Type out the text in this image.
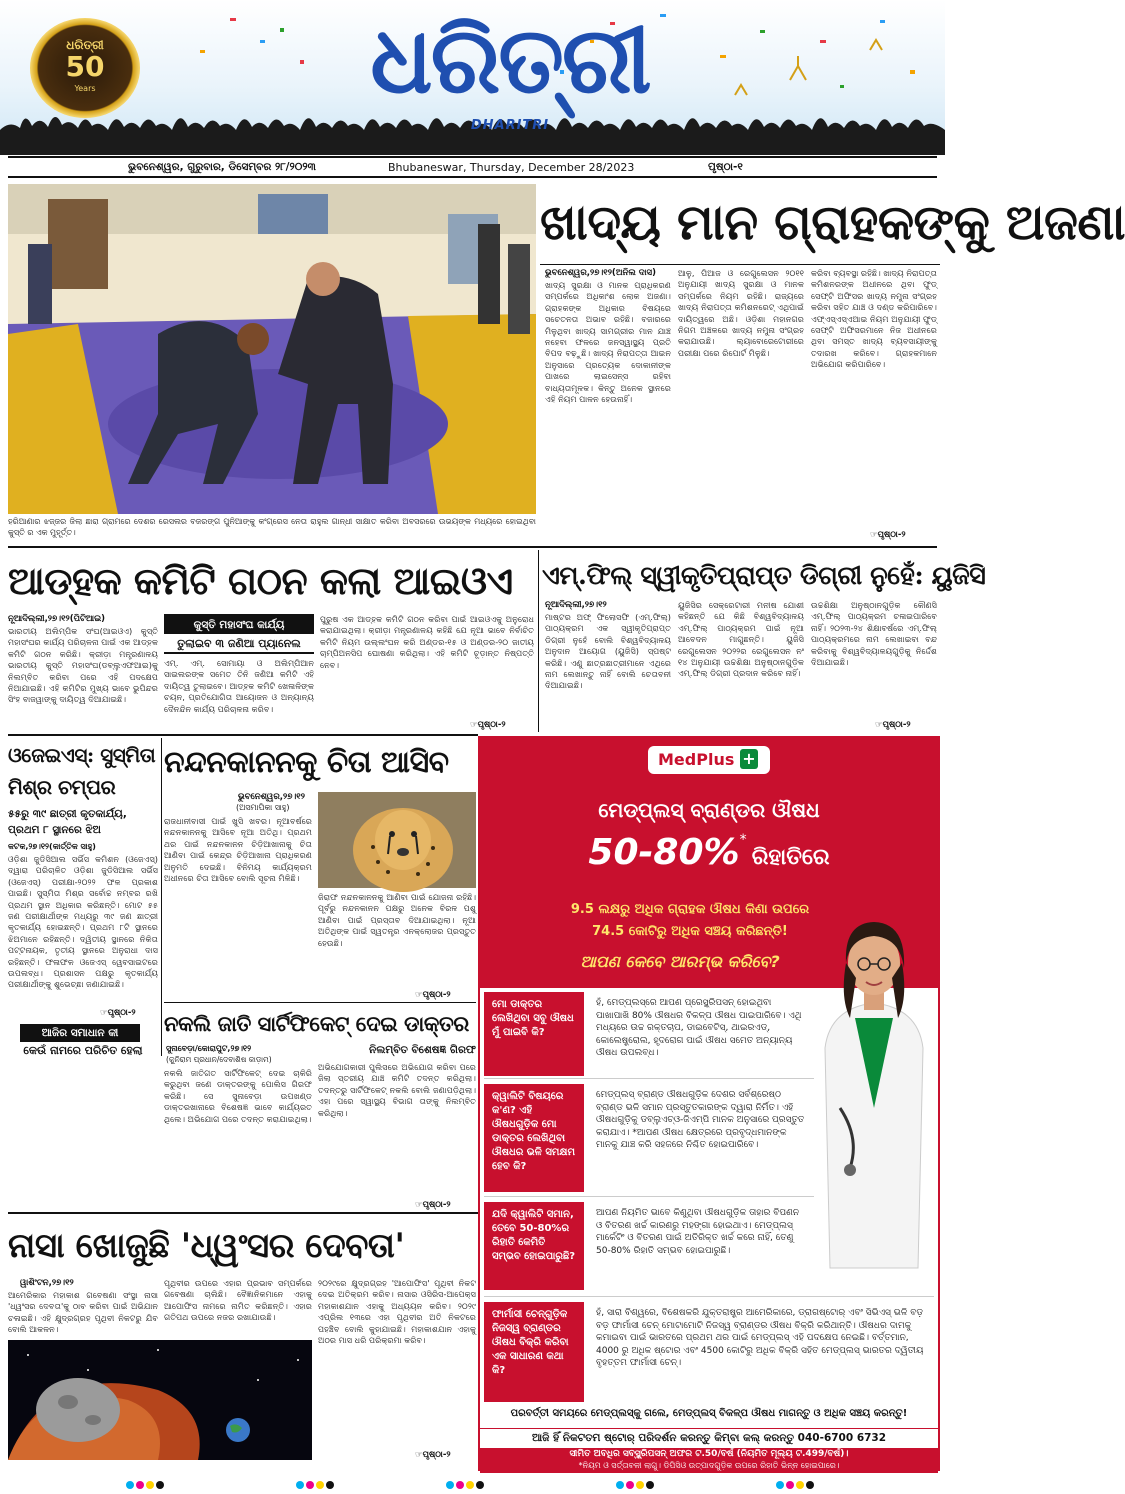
ଧରିତ୍ରୀ
50
Years	ଧରିତ୍ରୀ
DHARITRI
ଭୁବନେଶ୍ୱର, ଗୁରୁବାର, ଡିସେମ୍ବର ୨୮/୨୦୨୩	Bhubaneswar, Thursday, December 28/2023	ପୃଷ୍ଠା-୧
ହରିଆଣାର ଝଜ୍ଜର ଜିଲା ଛାରା ଗ୍ରାମରେ ଦେଶର ରେସଲର ବଜରଙ୍ଗ ପୁନିଆଙ୍କୁ କଂଗ୍ରେସ ନେତା ରାହୁଲ ଗାନ୍ଧୀ ସାକ୍ଷାତ କରିବା ଅବସରରେ ଉଭୟଙ୍କ ମଧ୍ୟରେ ହୋଇଥିବା କୁସ୍ତି ର ଏକ ମୁହୂର୍ତ୍ତ।
ଖାଦ୍ୟ ମାନ ଗ୍ରାହକଙ୍କୁ ଅଜଣା
ଭୁବନେଶ୍ୱର,୨୭।୧୨(ଅନିଲ ଦାସ)
ଖାଦ୍ୟ ସୁରକ୍ଷା ଓ ମାନକ ପ୍ରାଧିକରଣ ସମ୍ପର୍କରେ ଅଧିକାଂଶ ଲୋକ ଅଜଣା। ଗ୍ରାହକଙ୍କ ଅଧିକାର ବିଷୟରେ ସଚେତନତା ଅଭାବ ରହିଛି। ବଜାରରେ ମିଳୁଥିବା ଖାଦ୍ୟ ସାମଗ୍ରୀର ମାନ ଯାଞ୍ଚ ନହେବା ଫଳରେ ଜନସ୍ୱାସ୍ଥ୍ୟ ପ୍ରତି ବିପଦ ବଢ଼ୁଛି। ଖାଦ୍ୟ ନିରାପତ୍ତା ଆଇନ ଅନୁସାରେ ପ୍ରତ୍ୟେକ ଦୋକାନୀଙ୍କ ପାଖରେ ଲାଇସେନ୍ସ ରହିବା ବାଧ୍ୟତାମୂଳକ। କିନ୍ତୁ ଅନେକ ସ୍ଥାନରେ ଏହି ନିୟମ ପାଳନ ହେଉନାହିଁ।
ଆଳୁ, ପିଆଜ ଓ ରେଗୁଲେସନ ୨୦୧୧ ଅନୁଯାୟୀ ଖାଦ୍ୟ ସୁରକ୍ଷା ଓ ମାନକ ସମ୍ପର୍କରେ ନିୟମ ରହିଛି। ରାଜ୍ୟରେ ଖାଦ୍ୟ ନିରାପତ୍ତା କମିଶନରେଟ୍ ଏଥିପାଇଁ ଦାୟିତ୍ୱରେ ଅଛି। ଓଡ଼ିଶା ମହାନଗର ନିଗମ ଅଞ୍ଚଳରେ ଖାଦ୍ୟ ନମୁନା ସଂଗ୍ରହ କରାଯାଉଛି। ଲ୍ୟାବୋରେଟୋରୀରେ ପରୀକ୍ଷା ପରେ ରିପୋର୍ଟ ମିଳୁଛି।
କରିବା ବ୍ୟବସ୍ଥା ରହିଛି। ଖାଦ୍ୟ ନିରାପତ୍ତା କମିଶନରଙ୍କ ଅଧୀନରେ ଥିବା ଫୁଡ୍ ସେଫ୍ଟି ଅଫିସର ଖାଦ୍ୟ ନମୁନା ସଂଗ୍ରହ କରିବା ସହିତ ଯାଞ୍ଚ ଓ ଦଣ୍ଡ କରିପାରିବେ। ଏଫ୍ଏସ୍ଏସ୍ଏଆଇ ନିୟମ ଅନୁଯାୟୀ ଫୁଡ୍ ସେଫ୍ଟି ଅଫିସରମାନେ ନିଜ ଅଧୀନରେ ଥିବା ସମସ୍ତ ଖାଦ୍ୟ ବ୍ୟବସାୟୀଙ୍କୁ ତଦାରଖ କରିବେ। ଗ୍ରାହକମାନେ ଅଭିଯୋଗ କରିପାରିବେ।
☞ପୃଷ୍ଠା-୨
ଆଡ୍‌ହକ କମିଟି ଗଠନ କଲା ଆଇଓଏ
ନୂଆଦିଲ୍ଲୀ,୨୭।୧୨(ପିଟିଆଇ)
ଭାରତୀୟ ଅଲିମ୍ପିକ ସଂଘ(ଆଇଓଏ) କୁସ୍ତି ମହାସଂଘର କାର୍ଯ୍ୟ ପରିଚାଳନା ପାଇଁ ଏକ ଆଡ୍‌ହକ କମିଟି ଗଠନ କରିଛି। କ୍ରୀଡ଼ା ମନ୍ତ୍ରଣାଳୟ ଭାରତୀୟ କୁସ୍ତି ମହାସଂଘ(ଡବ୍ଲୁଏଫଆଇ)କୁ ନିଲମ୍ବିତ କରିବା ପରେ ଏହି ପଦକ୍ଷେପ ନିଆଯାଇଛି। ଏହି କମିଟିର ମୁଖ୍ୟ ଭାବେ ଭୁପିନ୍ଦର ସିଂହ ବାଜୱାଙ୍କୁ ଦାୟିତ୍ୱ ଦିଆଯାଇଛି।
କୁସ୍ତି ମହାସଂଘ କାର୍ଯ୍ୟ
ତୁଲାଇବ ୩ ଜଣିଆ ପ୍ୟାନେଲ
ଏମ୍. ଏମ୍. ସୋମାୟା ଓ ଅଲିମ୍ପିଆନ ସାଇଲରଙ୍କ ସମେତ ତିନି ଜଣିଆ କମିଟି ଏହି ଦାୟିତ୍ୱ ତୁଲାଇବେ। ଆଡ୍‌ହକ କମିଟି ଖେଳାଳିଙ୍କ ଚୟନ, ପ୍ରତିଯୋଗିତା ଆୟୋଜନ ଓ ଅନ୍ୟାନ୍ୟ ଦୈନନ୍ଦିନ କାର୍ଯ୍ୟ ପରିଚାଳନା କରିବ।
ପୁରୁଷ ଏକ ଆଡ୍‌ହକ କମିଟି ଗଠନ କରିବା ପାଇଁ ଆଇଓଏକୁ ଅନୁରୋଧ କରାଯାଇଥିଲା। କ୍ରୀଡ଼ା ମନ୍ତ୍ରଣାଳୟ କହିଛି ଯେ ନୂଆ ଭାବେ ନିର୍ବାଚିତ କମିଟି ନିୟମ ଉଲ୍ଲଂଘନ କରି ଅଣ୍ଡର-୧୫ ଓ ଅଣ୍ଡର-୨୦ ଜାତୀୟ ଚାମ୍ପିଅନସିପ ଘୋଷଣା କରିଥିଲା। ଏହି କମିଟି ଚୂଡ଼ାନ୍ତ ନିଷ୍ପତ୍ତି ନେବ।
☞ପୃଷ୍ଠା-୨
ଏମ୍.ଫିଲ୍ ସ୍ୱୀକୃତିପ୍ରାପ୍ତ ଡିଗ୍ରୀ ନୁହେଁ: ୟୁଜିସି
ନୂଆଦିଲ୍ଲୀ,୨୭।୧୨
ମାଷ୍ଟର ଅଫ୍ ଫିଲୋସଫି (ଏମ୍.ଫିଲ୍) ପାଠ୍ୟକ୍ରମ ଏକ ସ୍ୱୀକୃତିପ୍ରାପ୍ତ ଡିଗ୍ରୀ ନୁହେଁ ବୋଲି ବିଶ୍ୱବିଦ୍ୟାଳୟ ଅନୁଦାନ ଆୟୋଗ (ୟୁଜିସି) ସ୍ପଷ୍ଟ କରିଛି। ଏଣୁ ଛାତ୍ରଛାତ୍ରୀମାନେ ଏଥିରେ ନାମ ଲେଖାନ୍ତୁ ନାହିଁ ବୋଲି ଚେତାବନୀ ଦିଆଯାଇଛି।
ୟୁଜିସିର ସେକ୍ରେଟାରୀ ମନୀଷ ଯୋଶୀ କହିଛନ୍ତି ଯେ କିଛି ବିଶ୍ୱବିଦ୍ୟାଳୟ ଏମ୍.ଫିଲ୍ ପାଠ୍ୟକ୍ରମ ପାଇଁ ନୂଆ ଆବେଦନ ମାଗୁଛନ୍ତି। ୟୁଜିସି ରେଗୁଲେସନ ୨୦୨୨ର ରେଗୁଲେସନ ନଂ ୧୪ ଅନୁଯାୟୀ ଉଚ୍ଚଶିକ୍ଷା ଅନୁଷ୍ଠାନଗୁଡ଼ିକ ଏମ୍.ଫିଲ୍ ଡିଗ୍ରୀ ପ୍ରଦାନ କରିବେ ନାହିଁ।
ଉଚ୍ଚଶିକ୍ଷା ଅନୁଷ୍ଠାନଗୁଡ଼ିକ କୌଣସି ଏମ୍.ଫିଲ୍ ପାଠ୍ୟକ୍ରମ ଚଳାଇପାରିବେ ନାହିଁ। ୨୦୨୩-୨୪ ଶିକ୍ଷାବର୍ଷରେ ଏମ୍.ଫିଲ୍ ପାଠ୍ୟକ୍ରମରେ ନାମ ଲେଖାଇବା ବନ୍ଦ କରିବାକୁ ବିଶ୍ୱବିଦ୍ୟାଳୟଗୁଡ଼ିକୁ ନିର୍ଦ୍ଦେଶ ଦିଆଯାଇଛି।
☞ପୃଷ୍ଠା-୨
ଓଜେଇଏସ୍: ସୁସ୍ମିତା
ମିଶ୍ର ଚମ୍ପର
୫୫ରୁ ୩୯ ଛାତ୍ରୀ କୃତକାର୍ଯ୍ୟ,
ପ୍ରଥମ ୮ ସ୍ଥାନରେ ଝିଅ
କଟକ,୨୭।୧୨(କାର୍ତ୍ତିକ ସାହୁ)
ଓଡ଼ିଶା ଜୁଡିସିଆଲ ସର୍ଭିସ କମିଶନ (ଓଜେଏସ୍) ଦ୍ୱାରା ପରିଚାଳିତ ଓଡ଼ିଶା ଜୁଡିସିଆଲ ସର୍ଭିସ (ଓଜେଏସ୍) ପରୀକ୍ଷା-୨୦୨୨ ଫଳ ପ୍ରକାଶ ପାଇଛି। ସୁସ୍ମିତା ମିଶ୍ର ସର୍ବୋଚ୍ଚ ନମ୍ବର ରଖି ପ୍ରଥମ ସ୍ଥାନ ଅଧିକାର କରିଛନ୍ତି। ମୋଟ ୫୫ ଜଣ ପରୀକ୍ଷାର୍ଥୀଙ୍କ ମଧ୍ୟରୁ ୩୯ ଜଣ ଛାତ୍ରୀ କୃତକାର୍ଯ୍ୟ ହୋଇଛନ୍ତି। ପ୍ରଥମ ୮ଟି ସ୍ଥାନରେ ଝିଅମାନେ ରହିଛନ୍ତି। ଦ୍ୱିତୀୟ ସ୍ଥାନରେ ନିକିତା ପଟ୍ଟନାୟକ, ତୃତୀୟ ସ୍ଥାନରେ ଅନୁରାଧା ଦାସ ରହିଛନ୍ତି। ଫଳାଫଳ ଓଜେଏସ୍ ୱେବସାଇଟରେ ଉପଲବ୍ଧ। ପ୍ରଶାସନ ପକ୍ଷରୁ କୃତକାର୍ଯ୍ୟ ପରୀକ୍ଷାର୍ଥୀଙ୍କୁ ଶୁଭେଚ୍ଛା ଜଣାଯାଇଛି।
☞ପୃଷ୍ଠା-୨
ଆଜିର ସମାଧାନ କୀ
କେଉଁ ନାମରେ ପରିଚିତ ହେଲା
ନନ୍ଦନକାନନକୁ ଚିତା ଆସିବ
ଭୁବନେଶ୍ୱର,୨୭।୧୨
(ଅସମାପିକା ସାହୁ)
ରାଜଧାନୀବାସୀ ପାଇଁ ଖୁସି ଖବର। ନୂଆବର୍ଷରେ ନନ୍ଦନକାନନକୁ ଆସିବେ ନୂଆ ଅତିଥି। ପ୍ରଥମ ଥର ପାଇଁ ନନ୍ଦନକାନନ ଚିଡ଼ିଆଖାନାକୁ ଚିତା ଆଣିବା ପାଇଁ କେନ୍ଦ୍ର ଚିଡ଼ିଆଖାନା ପ୍ରାଧିକରଣ ଅନୁମତି ଦେଇଛି। ବିନିମୟ କାର୍ଯ୍ୟକ୍ରମ ଅଧୀନରେ ଚିତା ଆସିବେ ବୋଲି ସୂଚନା ମିଳିଛି।
ଜିରାଫ ନନ୍ଦନକାନନକୁ ଆଣିବା ପାଇଁ ଯୋଜନା ରହିଛି। ପୂର୍ବରୁ ନନ୍ଦନକାନନ ପକ୍ଷରୁ ଅନେକ ବିରଳ ପଶୁ ଆଣିବା ପାଇଁ ପ୍ରସ୍ତାବ ଦିଆଯାଇଥିଲା। ନୂଆ ଅତିଥିଙ୍କ ପାଇଁ ସ୍ୱତନ୍ତ୍ର ଏନକ୍ଲୋଜର ପ୍ରସ୍ତୁତ ହେଉଛି।
☞ପୃଷ୍ଠା-୨
ନକଲି ଜାତି ସାର୍ଟିଫିକେଟ୍ ଦେଇ ଡାକ୍ତର
ସୁନାବେଡ଼ା/କୋରାପୁଟ,୨୭।୧୨
(କୁନିରାମ ପ୍ରଧାନ/ଦେବାଶିଷ କାଡ଼ାମ)
ନିଲମ୍ବିତ ବିଶେଷଜ୍ଞ ଗିରଫ
ନକଲି ଜାତିଗତ ସାର୍ଟିଫିକେଟ୍ ଦେଇ ଚାକିରି କରୁଥିବା ଜଣେ ଡାକ୍ତରଙ୍କୁ ପୋଲିସ ଗିରଫ କରିଛି। ସେ ସୁନାବେଡ଼ା ଉପଖଣ୍ଡ ଡାକ୍ତରଖାନାରେ ବିଶେଷଜ୍ଞ ଭାବେ କାର୍ଯ୍ୟରତ ଥିଲେ। ଅଭିଯୋଗ ପରେ ତଦନ୍ତ କରାଯାଇଥିଲା।
ଅଭିଯୋଗକାରୀ ପୁଲିସରେ ଅଭିଯୋଗ କରିବା ପରେ ଜିଲା ସ୍ତରୀୟ ଯାଞ୍ଚ କମିଟି ତଦନ୍ତ କରିଥିଲା। ତଦନ୍ତରୁ ସାର୍ଟିଫିକେଟ୍ ନକଲି ବୋଲି ଜଣାପଡ଼ିଥିଲା। ଏହା ପରେ ସ୍ୱାସ୍ଥ୍ୟ ବିଭାଗ ତାଙ୍କୁ ନିଲମ୍ବିତ କରିଥିଲା।
☞ପୃଷ୍ଠା-୨
ନାସା ଖୋଜୁଛି 'ଧ୍ୱଂସର ଦେବତା'
ୱାଶିଂଟନ,୨୭।୧୨
ଆମେରିକାର ମହାକାଶ ଗବେଷଣା ସଂସ୍ଥା ନାସା 'ଧ୍ୱଂସର ଦେବତା'କୁ ଠାବ କରିବା ପାଇଁ ଅଭିଯାନ ଚଳାଇଛି। ଏହି କ୍ଷୁଦ୍ରଗ୍ରହ ପୃଥିବୀ ନିକଟରୁ ଯିବ ବୋଲି ଆକଳନ।
ପୃଥିବୀର ଉପରେ ଏହାର ପ୍ରଭାବ ସମ୍ପର୍କରେ ଗବେଷଣା ଚାଲିଛି। ବୈଜ୍ଞାନିକମାନେ ଏହାକୁ ଆପୋଫିସ ନାମରେ ନାମିତ କରିଛନ୍ତି। ଏହାର ଗତିପଥ ଉପରେ ନଜର ରଖାଯାଉଛି।
୨୦୨୯ରେ କ୍ଷୁଦ୍ରଗ୍ରହ 'ଆପୋଫିସ' ପୃଥିବୀ ନିକଟ ଦେଇ ଅତିକ୍ରମ କରିବ। ନାସାର ଓସିରିସ-ଆପେକ୍ସ ମହାକାଶଯାନ ଏହାକୁ ଅଧ୍ୟୟନ କରିବ। ୨୦୨୯ ଏପ୍ରିଲ ୧୩ରେ ଏହା ପୃଥିବୀର ଅତି ନିକଟରେ ପହଞ୍ଚିବ ବୋଲି କୁହାଯାଇଛି। ମହାକାଶଯାନ ଏହାକୁ ଅଠର ମାସ ଧରି ପରିକ୍ରମା କରିବ।
☞ପୃଷ୍ଠା-୨
MedPlus +
ମେଡ୍‌ପ୍ଲସ୍ ବ୍ରାଣ୍ଡର ଔଷଧ
50-80%* ରିହାତିରେ
9.5 ଲକ୍ଷରୁ ଅଧିକ ଗ୍ରାହକ ଔଷଧ କିଣା ଉପରେ
74.5 କୋଟିରୁ ଅଧିକ ସଞ୍ଚୟ କରିଛନ୍ତି!
ଆପଣ କେବେ ଆରମ୍ଭ କରିବେ?
ମୋ ଡାକ୍ତର ଲେଖିଥିବା ସବୁ ଔଷଧ ମୁଁ ପାଇବି କି?
ହଁ, ମେଡ୍‌ପ୍ଲସ୍‌ରେ ଆପଣ ପ୍ରେସ୍କ୍ରିପସନ୍ ହୋଇଥିବା ପାଖାପାଖି 80% ଔଷଧର ବିକଳ୍ପ ଔଷଧ ପାଇପାରିବେ। ଏଥି ମଧ୍ୟରେ ଉଚ୍ଚ ରକ୍ତଚାପ, ଡାଇବେଟିସ୍, ଥାଇରଏଡ୍, କୋଲେଷ୍ଟ୍ରୋଲ, ହୃଦରୋଗ ପାଇଁ ଔଷଧ ସମେତ ଅନ୍ୟାନ୍ୟ ଔଷଧ ଉପଲବ୍ଧ।
କ୍ୱାଲିଟି ବିଷୟରେ କ'ଣ? ଏହି ଔଷଧଗୁଡ଼ିକ ମୋ ଡାକ୍ତର ଲେଖିଥିବା ଔଷଧର ଭଳି ସମକ୍ଷମ ହେବ କି?
ମେଡ୍‌ପ୍ଲସ୍ ବ୍ରାଣ୍ଡ ଔଷଧଗୁଡ଼ିକ ଦେଶର ସର୍ବଶ୍ରେଷ୍ଠ ବ୍ରାଣ୍ଡ ଭଳି ସମାନ ପ୍ରସ୍ତୁତକାରଙ୍କ ଦ୍ୱାରା ନିର୍ମିତ। ଏହି ଔଷଧଗୁଡ଼ିକୁ ଡବ୍ଲୁଏଚ୍‌ଓ-ଜିଏମ୍‌ପି ମାନକ ଅନୁସାରେ ପ୍ରସ୍ତୁତ କରାଯାଏ। *ଆପଣ ଔଷଧ କ୍ଷେତ୍ରରେ ପ୍ରବୃଦ୍ଧମାନଙ୍କ ମାନକୁ ଯାଞ୍ଚ କରି ସହଜରେ ନିଶ୍ଚିତ ହୋଇପାରିବେ।
ଯଦି କ୍ୱାଲିଟି ସମାନ, ତେବେ 50-80%ର ରିହାତି କେମିତି ସମ୍ଭବ ହୋଇପାରୁଛି?
ଆପଣ ନିୟମିତ ଭାବେ କିଣୁଥିବା ଔଷଧଗୁଡ଼ିକ ତାହାର ବିପଣନ ଓ ବିତରଣ ଖର୍ଚ୍ଚ କାରଣରୁ ମହଙ୍ଗା ହୋଇଥାଏ। ମେଡ୍‌ପ୍ଲସ୍ ମାର୍କେଟିଂ ଓ ବିତରଣ ପାଇଁ ଅତିରିକ୍ତ ଖର୍ଚ୍ଚ କରେ ନାହିଁ, ତେଣୁ 50-80% ରିହାତି ସମ୍ଭବ ହୋଇପାରୁଛି।
ଫାର୍ମାସୀ ଚେନ୍‌ଗୁଡ଼ିକ ନିଜସ୍ୱ ବ୍ରାଣ୍ଡର ଔଷଧ ବିକ୍ରି କରିବା ଏକ ସାଧାରଣ କଥା କି?
ହଁ, ସାରା ବିଶ୍ୱରେ, ବିଶେଷକରି ଯୁକ୍ତରାଷ୍ଟ୍ର ଆମେରିକାରେ, ଡ୍ରାଗଷ୍ଟୋର୍ ଏବଂ ସିଭିଏସ୍ ଭଳି ବଡ଼ ବଡ଼ ଫାର୍ମାସୀ ଚେନ୍ ମୋଟାମୋଟି ନିଜସ୍ୱ ବ୍ରାଣ୍ଡର ଔଷଧ ବିକ୍ରି କରିଥାନ୍ତି। ଔଷଧର ଦାମକୁ କମାଇବା ପାଇଁ ଭାରତରେ ପ୍ରଥମ ଥର ପାଇଁ ମେଡ୍‌ପ୍ଲସ୍ ଏହି ପଦକ୍ଷେପ ନେଇଛି। ବର୍ତ୍ତମାନ, 4000 ରୁ ଅଧିକ ଷ୍ଟୋର ଏବଂ 4500 କୋଟିରୁ ଅଧିକ ବିକ୍ରି ସହିତ ମେଡ୍‌ପ୍ଲସ୍ ଭାରତର ଦ୍ୱିତୀୟ ବୃହତ୍ତମ ଫାର୍ମାସୀ ଚେନ୍।
ପରବର୍ତ୍ତୀ ସମୟରେ ମେଡ୍‌ପ୍ଲସ୍‌କୁ ଗଲେ, ମେଡ୍‌ପ୍ଲସ୍ ବିକଳ୍ପ ଔଷଧ ମାଗନ୍ତୁ ଓ ଅଧିକ ସଞ୍ଚୟ କରନ୍ତୁ!
ଆଜି ହିଁ ନିକଟତମ ଷ୍ଟୋର୍ ପରିଦର୍ଶନ କରନ୍ତୁ କିମ୍ବା କଲ୍ କରନ୍ତୁ 040-6700 6732
ସୀମିତ ଅବଧିର ସବ୍‌ସ୍କ୍ରିପସନ୍ ଅଫର ଟ.50/ବର୍ଷ (ନିୟମିତ ମୂଲ୍ୟ ଟ.499/ବର୍ଷ)।
*ନିୟମ ଓ ସର୍ତ୍ତାବଳୀ ଲାଗୁ। ଡିପିସିଓ ଉତ୍ପାଦଗୁଡ଼ିକ ଉପରେ ରିହାତି ଭିନ୍ନ ହୋଇପାରେ।
